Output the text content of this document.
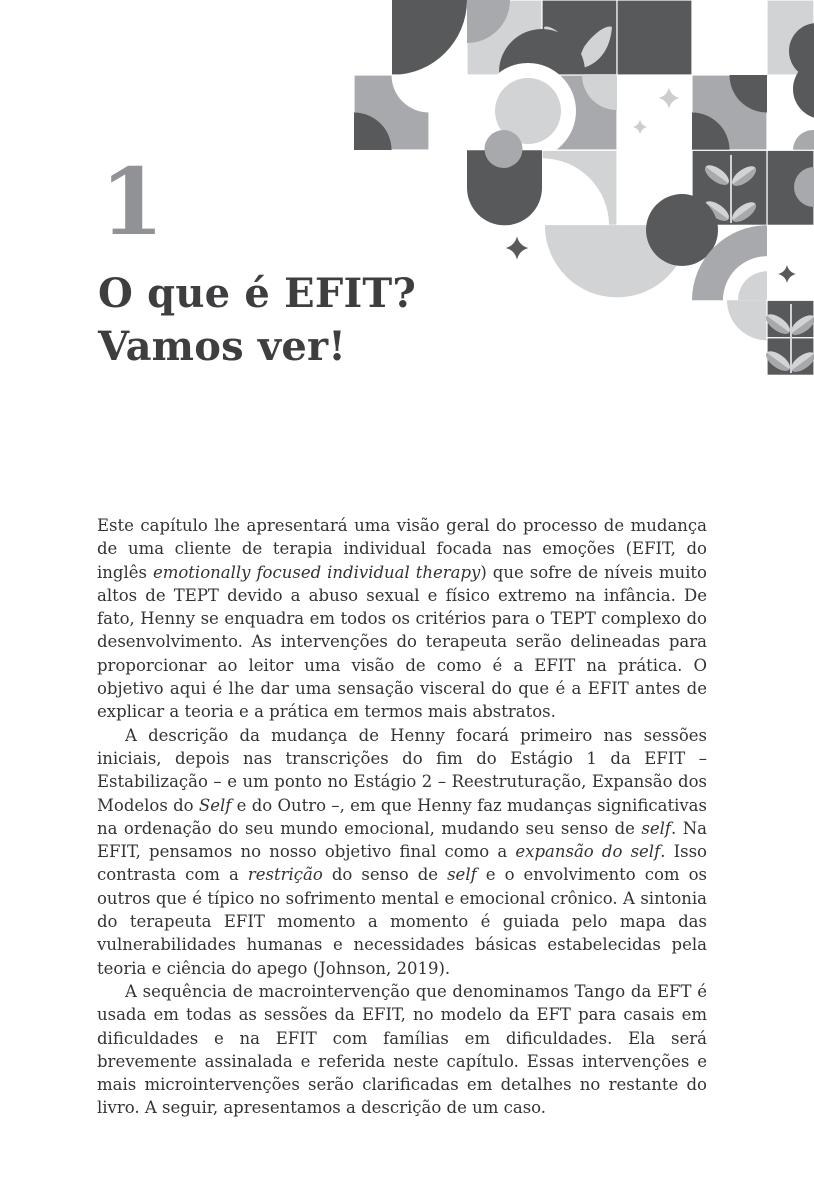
1
O que é EFIT?
Vamos ver!

Este capítulo lhe apresentará uma visão geral do processo de mudança de uma cliente de terapia individual focada nas emoções (EFIT, do inglês emotionally focused individual therapy) que sofre de níveis muito altos de TEPT devido a abuso sexual e físico extremo na infância. De fato, Henny se enquadra em todos os critérios para o TEPT complexo do desenvolvimento. As intervenções do terapeuta serão delineadas para proporcionar ao leitor uma visão de como é a EFIT na prática. O objetivo aqui é lhe dar uma sensação visceral do que é a EFIT antes de explicar a teoria e a prática em termos mais abstratos.

A descrição da mudança de Henny focará primeiro nas sessões iniciais, depois nas transcrições do fim do Estágio 1 da EFIT – Estabilização – e um ponto no Estágio 2 – Reestruturação, Expansão dos Modelos do Self e do Outro –, em que Henny faz mudanças significativas na ordenação do seu mundo emocional, mudando seu senso de self. Na EFIT, pensamos no nosso objetivo final como a expansão do self. Isso contrasta com a restrição do senso de self e o envolvimento com os outros que é típico no sofrimento mental e emocional crônico. A sintonia do terapeuta EFIT momento a momento é guiada pelo mapa das vulnerabilidades humanas e necessidades básicas estabelecidas pela teoria e ciência do apego (Johnson, 2019).

A sequência de macrointervenção que denominamos Tango da EFT é usada em todas as sessões da EFIT, no modelo da EFT para casais em dificuldades e na EFIT com famílias em dificuldades. Ela será brevemente assinalada e referida neste capítulo. Essas intervenções e mais microintervenções serão clarificadas em detalhes no restante do livro. A seguir, apresentamos a descrição de um caso.
